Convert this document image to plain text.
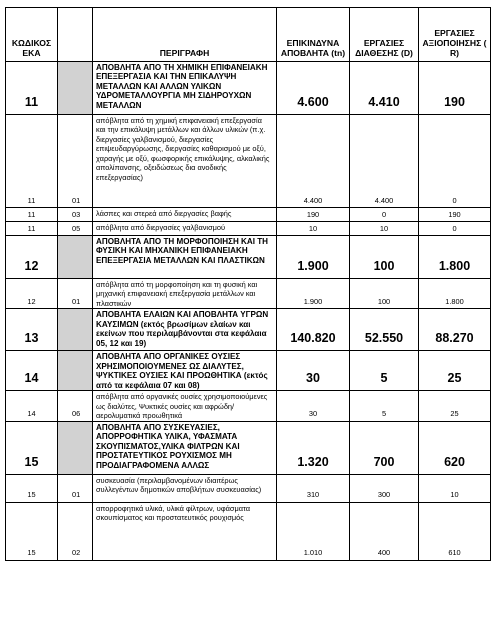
ΚΩΔΙΚΟΣ ΕΚΑ		ΠΕΡΙΓΡΑΦΗ	ΕΠΙΚΙΝΔΥΝΑ ΑΠΟΒΛΗΤΑ (tn)	ΕΡΓΑΣΙΕΣ ΔΙΑΘΕΣΗΣ (D)	ΕΡΓΑΣΙΕΣ ΑΞΙΟΠΟΙΗΣΗΣ ( R)
11		ΑΠΟΒΛΗΤΑ ΑΠΟ ΤΗ ΧΗΜΙΚΗ ΕΠΙΦΑΝΕΙΑΚΗ ΕΠΕΞΕΡΓΑΣΙΑ ΚΑΙ ΤΗΝ ΕΠΙΚΑΛΥΨΗ ΜΕΤΑΛΛΩΝ ΚΑΙ ΑΛΛΩΝ ΥΛΙΚΩΝ ΥΔΡΟΜΕΤΑΛΛΟΥΡΓΙΑ ΜΗ ΣΙΔΗΡΟΥΧΩΝ ΜΕΤΑΛΛΩΝ	4.600	4.410	190
11	01	απόβλητα από τη χημική επιφανειακή επεξεργασία και την επικάλυψη μετάλλων και άλλων υλικών (π.χ. διεργασίες γαλβανισμού, διεργασίες επιψευδαργύρωσης, διεργασίες καθαρισμού με οξύ, χαραγής με οξύ, φωσφορικής επικάλυψης, αλκαλικής απολίπανσης, οξειδώσεως δια ανοδικής επεξεργασίας)	4.400	4.400	0
11	03	λάσπες και στερεά από διεργασίες βαφής	190	0	190
11	05	απόβλητα από διεργασίες γαλβανισμού	10	10	0
12		ΑΠΟΒΛΗΤΑ ΑΠΟ ΤΗ ΜΟΡΦΟΠΟΙΗΣΗ ΚΑΙ ΤΗ ΦΥΣΙΚΗ ΚΑΙ ΜΗΧΑΝΙΚΗ ΕΠΙΦΑΝΕΙΑΚΗ ΕΠΕΞΕΡΓΑΣΙΑ ΜΕΤΑΛΛΩΝ ΚΑΙ ΠΛΑΣΤΙΚΩΝ	1.900	100	1.800
12	01	απόβλητα από τη μορφοποίηση και τη φυσική και μηχανική επιφανειακή επεξεργασία μετάλλων και πλαστικών	1.900	100	1.800
13		ΑΠΟΒΛΗΤΑ ΕΛΑΙΩΝ ΚΑΙ ΑΠΟΒΛΗΤΑ ΥΓΡΩΝ ΚΑΥΣΙΜΩΝ (εκτός βρωσίμων ελαίων και εκείνων που περιλαμβάνονται στα κεφάλαια 05, 12 και 19)	140.820	52.550	88.270
14		ΑΠΟΒΛΗΤΑ ΑΠΟ ΟΡΓΑΝΙΚΕΣ ΟΥΣΙΕΣ ΧΡΗΣΙΜΟΠΟΙΟΥΜΕΝΕΣ ΩΣ ΔΙΑΛΥΤΕΣ, ΨΥΚΤΙΚΕΣ ΟΥΣΙΕΣ ΚΑΙ ΠΡΟΩΘΗΤΙΚΑ (εκτός από τα κεφάλαια 07 και 08)	30	5	25
14	06	απόβλητα από οργανικές ουσίες χρησιμοποιούμενες ως διαλύτες, Ψυκτικές ουσίες και αφρώδη/αερολυματικά προωθητικά	30	5	25
15		ΑΠΟΒΛΗΤΑ ΑΠΟ ΣΥΣΚΕΥΑΣΙΕΣ, ΑΠΟΡΡΟΦΗΤΙΚΑ ΥΛΙΚΑ, ΥΦΑΣΜΑΤΑ ΣΚΟΥΠΙΣΜΑΤΟΣ,ΥΛΙΚΑ ΦΙΛΤΡΩΝ ΚΑΙ ΠΡΟΣΤΑΤΕΥΤΙΚΟΣ ΡΟΥΧΙΣΜΟΣ ΜΗ ΠΡΟΔΙΑΓΡΑΦΟΜΕΝΑ ΑΛΛΩΣ	1.320	700	620
15	01	συσκευασία (περιλαμβανομένων ιδιαιτέρως συλλεγέντων δημοτικών αποβλήτων συσκευασίας)	310	300	10
15	02	απορροφητικά υλικά, υλικά φίλτρων, υφάσματα σκουπίσματος και προστατευτικός ρουχισμός	1.010	400	610
